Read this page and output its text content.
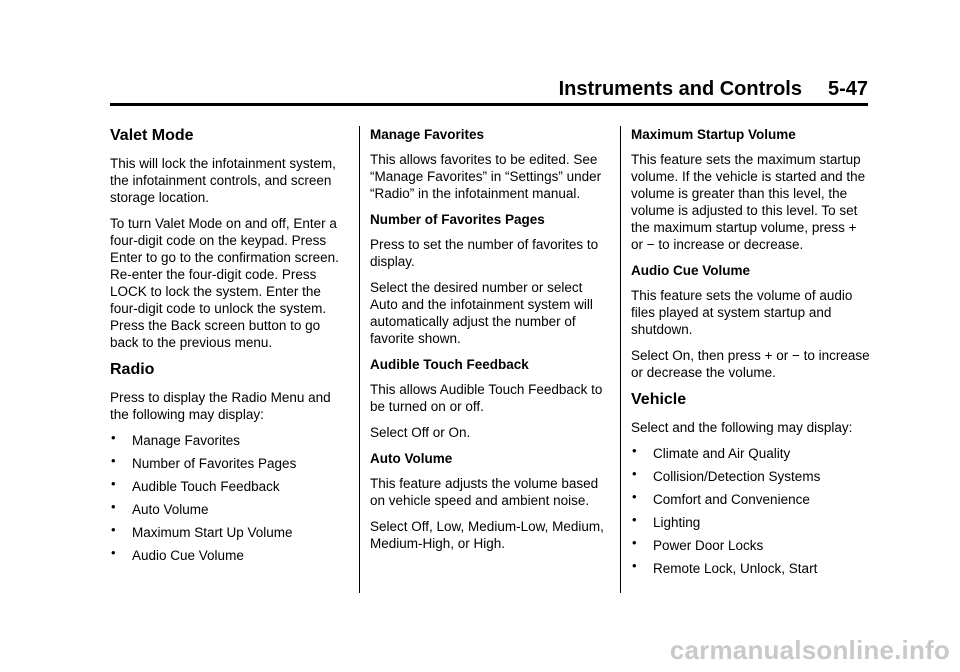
Instruments and Controls 5-47
Valet Mode

This will lock the infotainment system, the infotainment controls, and screen storage location.

To turn Valet Mode on and off, Enter a four-digit code on the keypad. Press Enter to go to the confirmation screen. Re-enter the four-digit code. Press LOCK to lock the system. Enter the four-digit code to unlock the system. Press the Back screen button to go back to the previous menu.

Radio

Press to display the Radio Menu and the following may display:

• Manage Favorites
• Number of Favorites Pages
• Audible Touch Feedback
• Auto Volume
• Maximum Start Up Volume
• Audio Cue Volume
Manage Favorites

This allows favorites to be edited. See “Manage Favorites” in “Settings” under “Radio” in the infotainment manual.

Number of Favorites Pages

Press to set the number of favorites to display.

Select the desired number or select Auto and the infotainment system will automatically adjust the number of favorite shown.

Audible Touch Feedback

This allows Audible Touch Feedback to be turned on or off.

Select Off or On.

Auto Volume

This feature adjusts the volume based on vehicle speed and ambient noise.

Select Off, Low, Medium-Low, Medium, Medium-High, or High.

Maximum Startup Volume

This feature sets the maximum startup volume. If the vehicle is started and the volume is greater than this level, the volume is adjusted to this level. To set the maximum startup volume, press + or − to increase or decrease.

Audio Cue Volume

This feature sets the volume of audio files played at system startup and shutdown.

Select On, then press + or − to increase or decrease the volume.

Vehicle

Select and the following may display:

• Climate and Air Quality
• Collision/Detection Systems
• Comfort and Convenience
• Lighting
• Power Door Locks
• Remote Lock, Unlock, Start
carmanualsonline.info
